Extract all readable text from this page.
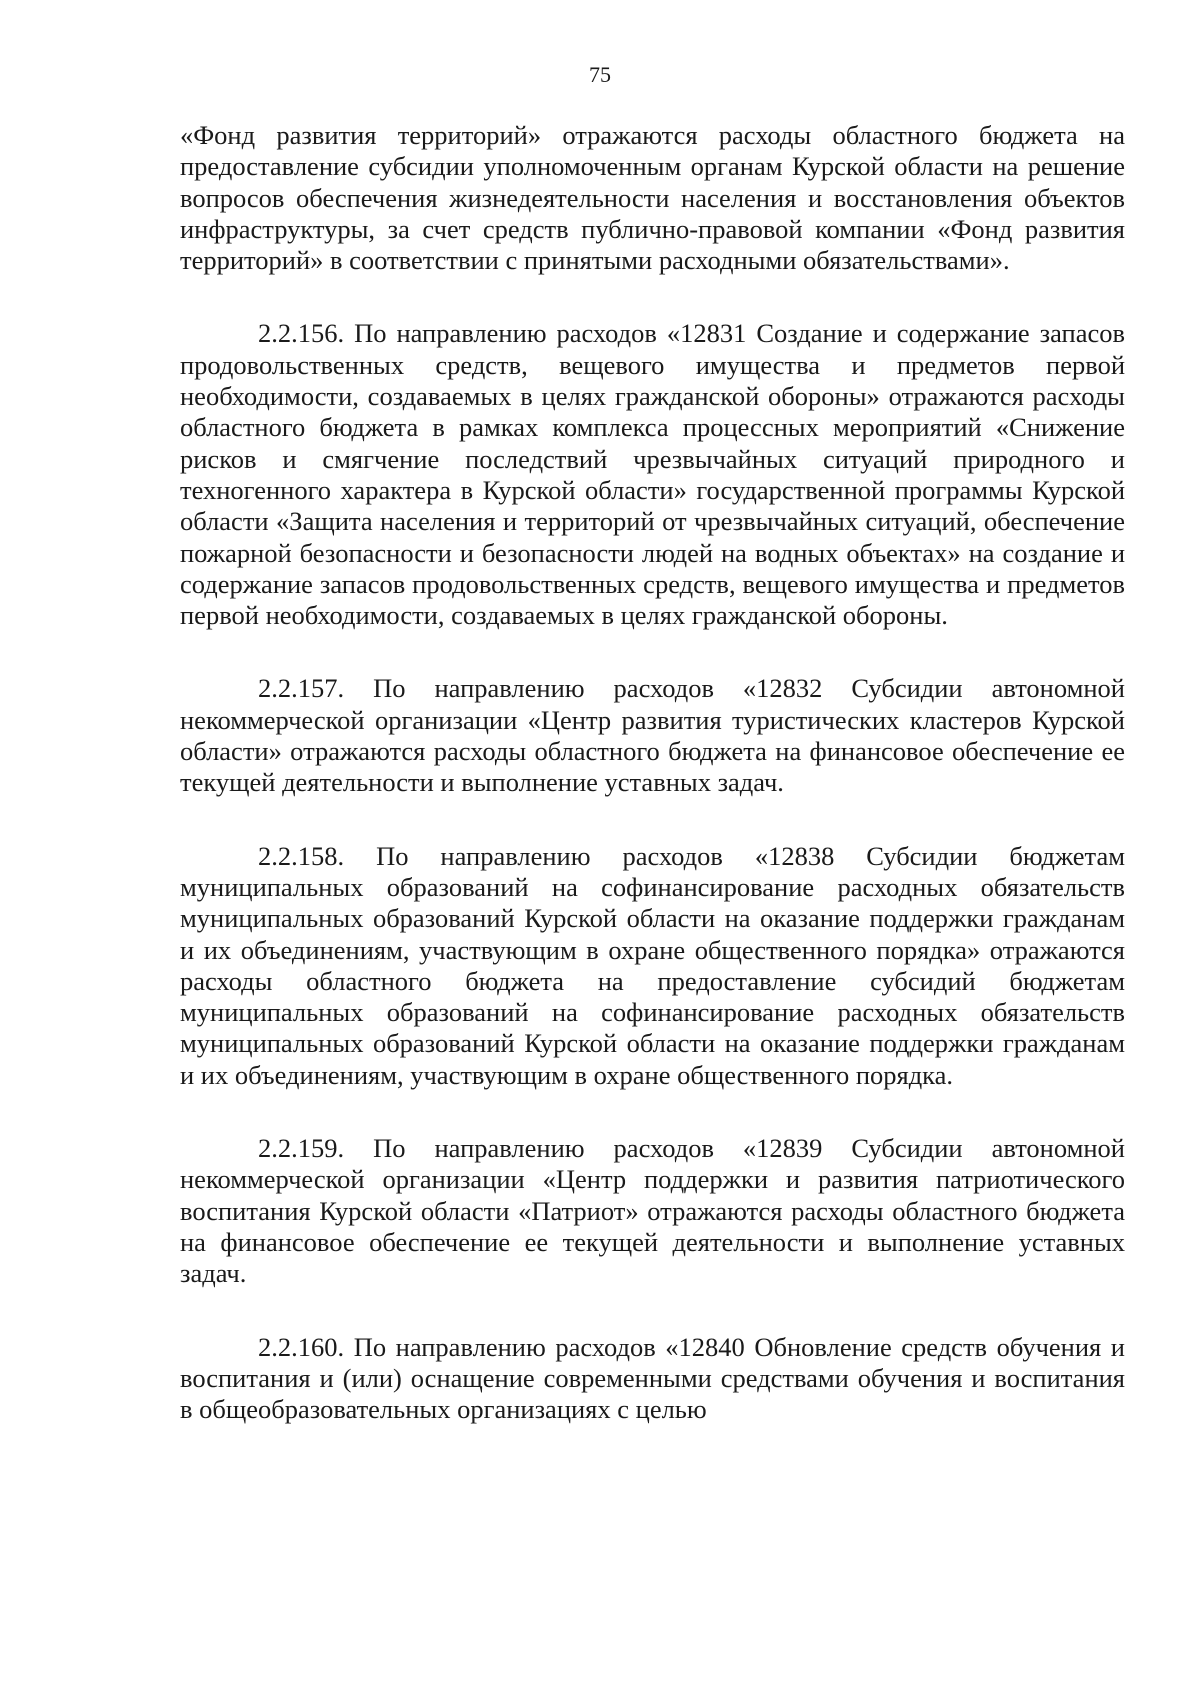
75

«Фонд развития территорий» отражаются расходы областного бюджета на предоставление субсидии уполномоченным органам Курской области на решение вопросов обеспечения жизнедеятельности населения и восстановления объектов инфраструктуры, за счет средств публично-правовой компании «Фонд развития территорий» в соответствии с принятыми расходными обязательствами».

2.2.156. По направлению расходов «12831 Создание и содержание запасов продовольственных средств, вещевого имущества и предметов первой необходимости, создаваемых в целях гражданской обороны» отражаются расходы областного бюджета в рамках комплекса процессных мероприятий «Снижение рисков и смягчение последствий чрезвычайных ситуаций природного и техногенного характера в Курской области» государственной программы Курской области «Защита населения и территорий от чрезвычайных ситуаций, обеспечение пожарной безопасности и безопасности людей на водных объектах» на создание и содержание запасов продовольственных средств, вещевого имущества и предметов первой необходимости, создаваемых в целях гражданской обороны.

2.2.157. По направлению расходов «12832 Субсидии автономной некоммерческой организации «Центр развития туристических кластеров Курской области» отражаются расходы областного бюджета на финансовое обеспечение ее текущей деятельности и выполнение уставных задач.

2.2.158. По направлению расходов «12838 Субсидии бюджетам муниципальных образований на софинансирование расходных обязательств муниципальных образований Курской области на оказание поддержки гражданам и их объединениям, участвующим в охране общественного порядка» отражаются расходы областного бюджета на предоставление субсидий бюджетам муниципальных образований на софинансирование расходных обязательств муниципальных образований Курской области на оказание поддержки гражданам и их объединениям, участвующим в охране общественного порядка.

2.2.159. По направлению расходов «12839 Субсидии автономной некоммерческой организации «Центр поддержки и развития патриотического воспитания Курской области «Патриот» отражаются расходы областного бюджета на финансовое обеспечение ее текущей деятельности и выполнение уставных задач.

2.2.160. По направлению расходов «12840 Обновление средств обучения и воспитания и (или) оснащение современными средствами обучения и воспитания в общеобразовательных организациях с целью
